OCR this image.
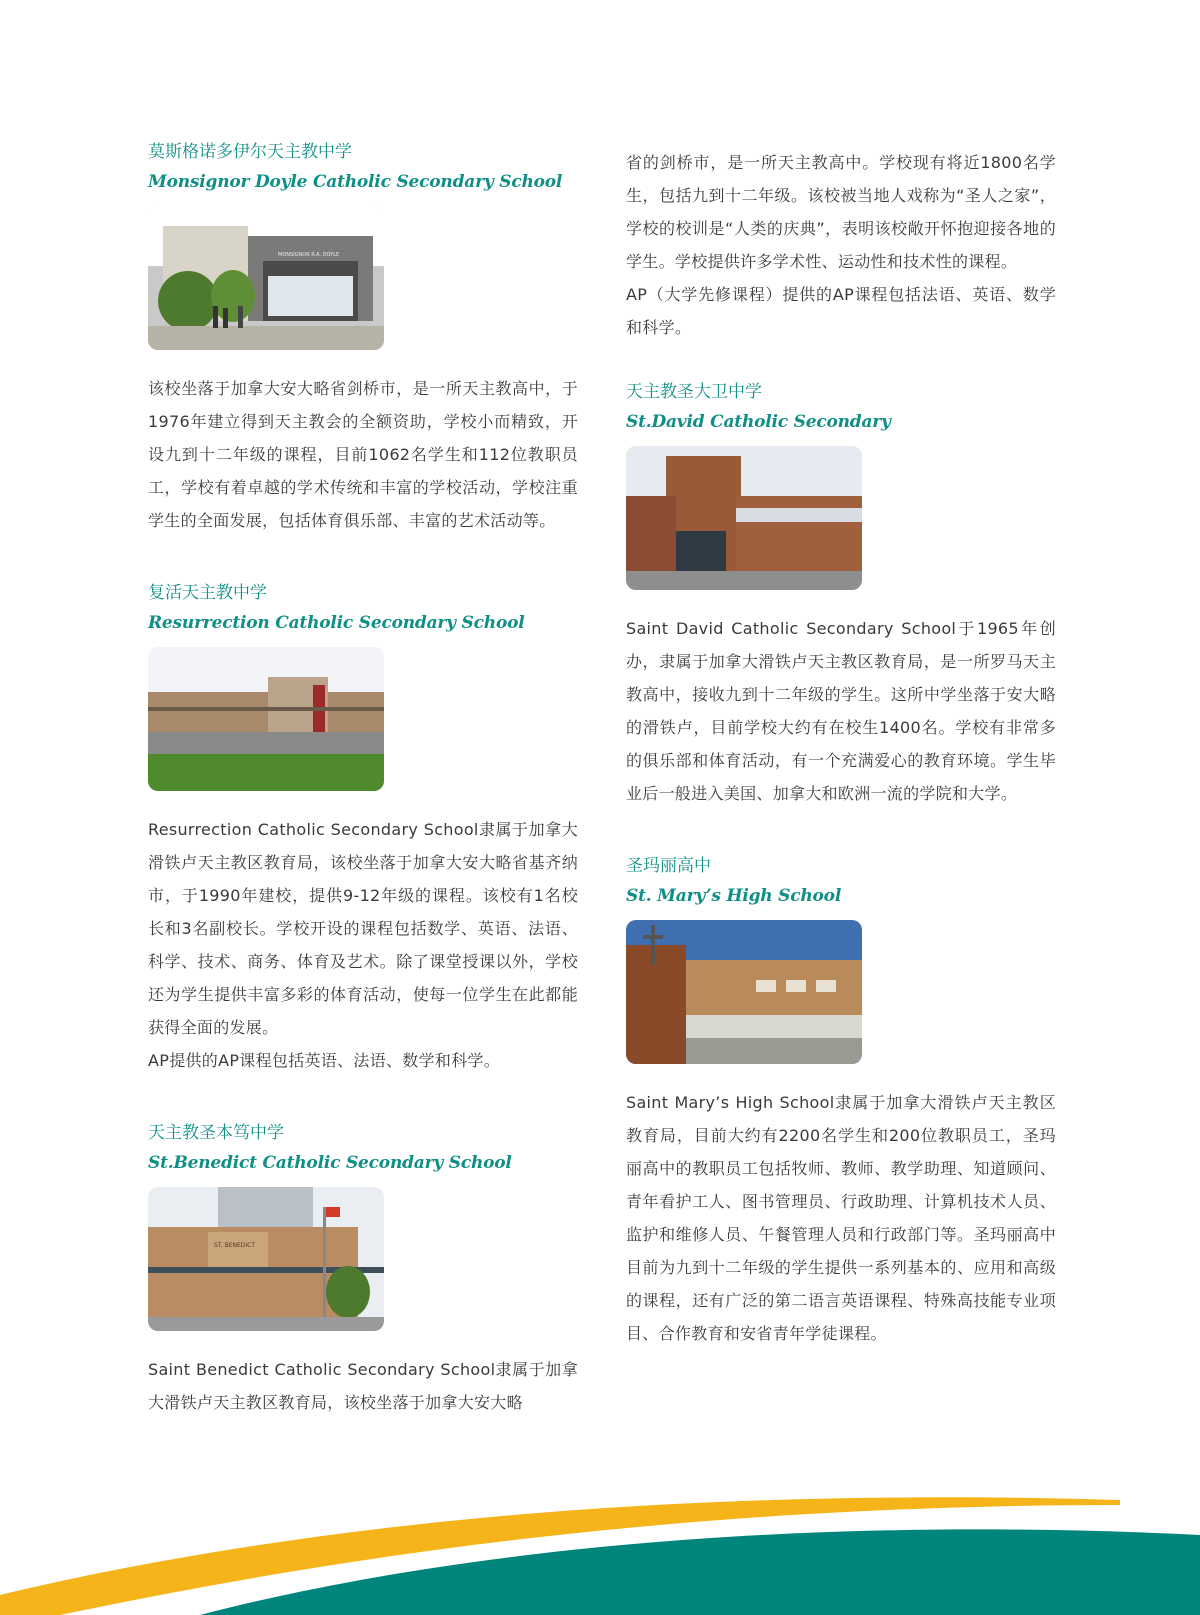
莫斯格诺多伊尔天主教中学
Monsignor Doyle Catholic Secondary School
MONSIGNOR R.A. DOYLE

该校坐落于加拿大安大略省剑桥市，是一所天主教高中，于1976年建立得到天主教会的全额资助，学校小而精致，开设九到十二年级的课程，目前1062名学生和112位教职员工，学校有着卓越的学术传统和丰富的学校活动，学校注重学生的全面发展，包括体育俱乐部、丰富的艺术活动等。

复活天主教中学
Resurrection Catholic Secondary School

Resurrection Catholic Secondary School隶属于加拿大滑铁卢天主教区教育局，该校坐落于加拿大安大略省基齐纳市，于1990年建校，提供9-12年级的课程。该校有1名校长和3名副校长。学校开设的课程包括数学、英语、法语、科学、技术、商务、体育及艺术。除了课堂授课以外，学校还为学生提供丰富多彩的体育活动，使每一位学生在此都能获得全面的发展。

AP提供的AP课程包括英语、法语、数学和科学。

天主教圣本笃中学
St.Benedict Catholic Secondary School
ST. BENEDICT

Saint Benedict Catholic Secondary School隶属于加拿大滑铁卢天主教区教育局，该校坐落于加拿大安大略

省的剑桥市，是一所天主教高中。学校现有将近1800名学生，包括九到十二年级。该校被当地人戏称为“圣人之家”，学校的校训是“人类的庆典”，表明该校敞开怀抱迎接各地的学生。学校提供许多学术性、运动性和技术性的课程。

AP（大学先修课程）提供的AP课程包括法语、英语、数学和科学。

天主教圣大卫中学
St.David Catholic Secondary

Saint David Catholic Secondary School于1965年创办，隶属于加拿大滑铁卢天主教区教育局，是一所罗马天主教高中，接收九到十二年级的学生。这所中学坐落于安大略的滑铁卢，目前学校大约有在校生1400名。学校有非常多的俱乐部和体育活动，有一个充满爱心的教育环境。学生毕业后一般进入美国、加拿大和欧洲一流的学院和大学。

圣玛丽高中
St. Mary’s High School

Saint Mary’s High School隶属于加拿大滑铁卢天主教区教育局，目前大约有2200名学生和200位教职员工，圣玛丽高中的教职员工包括牧师、教师、教学助理、知道顾问、青年看护工人、图书管理员、行政助理、计算机技术人员、监护和维修人员、午餐管理人员和行政部门等。圣玛丽高中目前为九到十二年级的学生提供一系列基本的、应用和高级的课程，还有广泛的第二语言英语课程、特殊高技能专业项目、合作教育和安省青年学徒课程。
